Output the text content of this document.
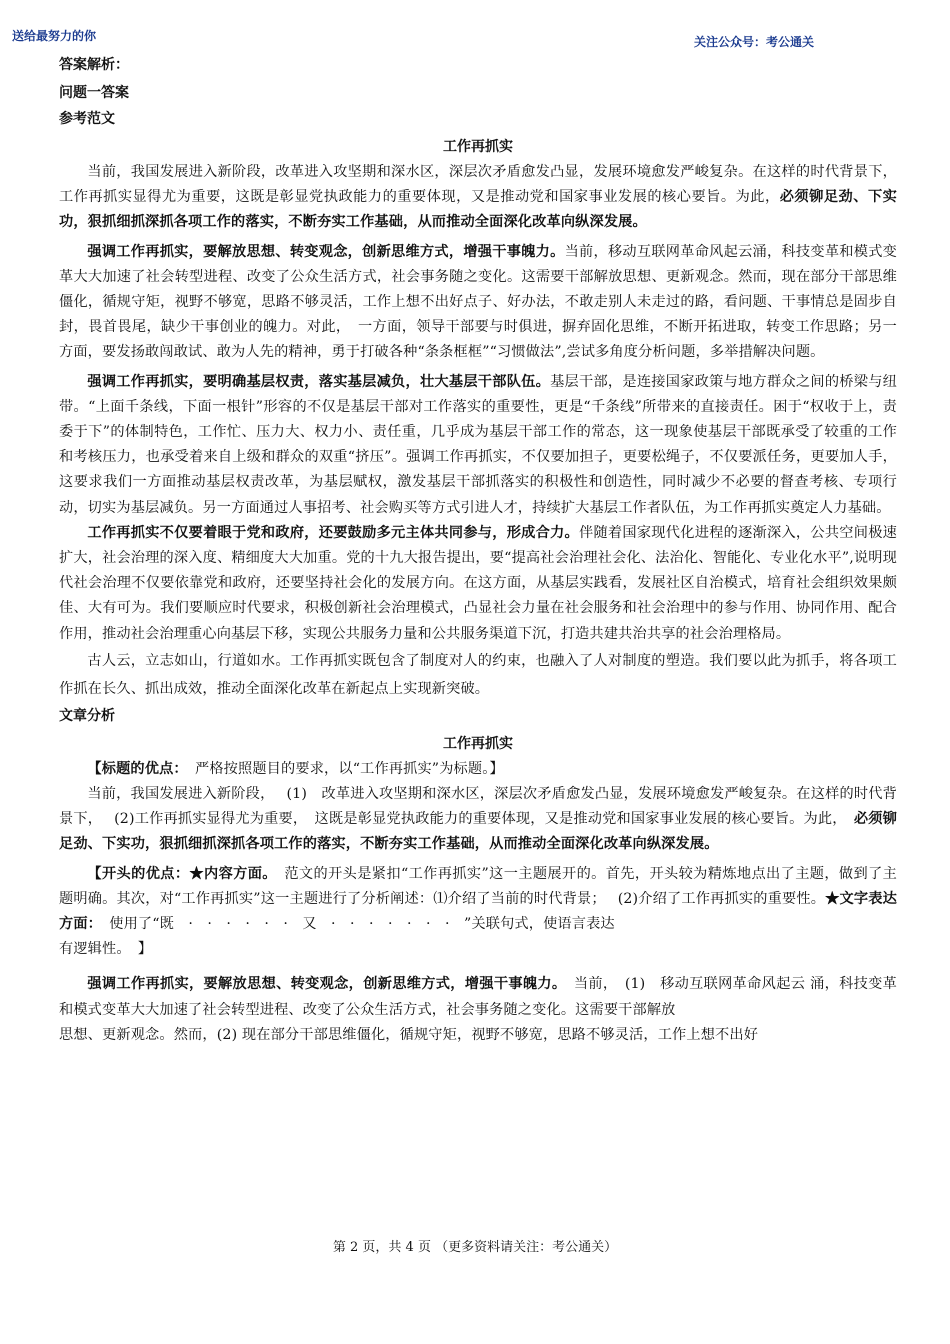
送给最努力的你	关注公众号：考公通关
答案解析：
问题一答案
参考范文
工作再抓实

当前，我国发展进入新阶段，改革进入攻坚期和深水区，深层次矛盾愈发凸显，发展环境愈发严峻复杂。在这样的时代背景下，工作再抓实显得尤为重要，这既是彰显党执政能力的重要体现，又是推动党和国家事业发展的核心要旨。为此，必须铆足劲、下实功，狠抓细抓深抓各项工作的落实，不断夯实工作基础，从而推动全面深化改革向纵深发展。

强调工作再抓实，要解放思想、转变观念，创新思维方式，增强干事魄力。当前，移动互联网革命风起云涌，科技变革和模式变革大大加速了社会转型进程、改变了公众生活方式，社会事务随之变化。这需要干部解放思想、更新观念。然而，现在部分干部思维僵化，循规守矩，视野不够宽，思路不够灵活，工作上想不出好点子、好办法，不敢走别人未走过的路，看问题、干事情总是固步自封，畏首畏尾，缺少干事创业的魄力。对此，　一方面，领导干部要与时俱进，摒弃固化思维，不断开拓进取，转变工作思路；另一方面，要发扬敢闯敢试、敢为人先的精神，勇于打破各种“条条框框”“习惯做法”,尝试多角度分析问题，多举措解决问题。

强调工作再抓实，要明确基层权责，落实基层减负，壮大基层干部队伍。基层干部，是连接国家政策与地方群众之间的桥梁与纽带。“上面千条线，下面一根针”形容的不仅是基层干部对工作落实的重要性，更是“千条线”所带来的直接责任。困于“权收于上，责委于下”的体制特色，工作忙、压力大、权力小、责任重，几乎成为基层干部工作的常态，这一现象使基层干部既承受了较重的工作和考核压力，也承受着来自上级和群众的双重“挤压”。强调工作再抓实，不仅要加担子，更要松绳子，不仅要派任务，更要加人手，这要求我们一方面推动基层权责改革，为基层赋权，激发基层干部抓落实的积极性和创造性，同时减少不必要的督查考核、专项行动，切实为基层减负。另一方面通过人事招考、社会购买等方式引进人才，持续扩大基层工作者队伍，为工作再抓实奠定人力基础。

工作再抓实不仅要着眼于党和政府，还要鼓励多元主体共同参与，形成合力。伴随着国家现代化进程的逐渐深入，公共空间极速扩大，社会治理的深入度、精细度大大加重。党的十九大报告提出，要“提高社会治理社会化、法治化、智能化、专业化水平”,说明现代社会治理不仅要依靠党和政府，还要坚持社会化的发展方向。在这方面，从基层实践看，发展社区自治模式，培育社会组织效果颇佳、大有可为。我们要顺应时代要求，积极创新社会治理模式，凸显社会力量在社会服务和社会治理中的参与作用、协同作用、配合作用，推动社会治理重心向基层下移，实现公共服务力量和公共服务渠道下沉，打造共建共治共享的社会治理格局。

古人云，立志如山，行道如水。工作再抓实既包含了制度对人的约束，也融入了人对制度的塑造。我们要以此为抓手，将各项工作抓在长久、抓出成效，推动全面深化改革在新起点上实现新突破。

文章分析
工作再抓实

【标题的优点：　严格按照题目的要求，以“工作再抓实”为标题。】

当前，我国发展进入新阶段，　 (1)　改革进入攻坚期和深水区，深层次矛盾愈发凸显，发展环境愈发严峻复杂。在这样的时代背景下，　 (2)工作再抓实显得尤为重要，　这既是彰显党执政能力的重要体现，又是推动党和国家事业发展的核心要旨。为此，　必须铆足劲、下实功，狠抓细抓深抓各项工作的落实，不断夯实工作基础，从而推动全面深化改革向纵深发展。

【开头的优点：★内容方面。　范文的开头是紧扣“工作再抓实”这一主题展开的。首先，开头较为精炼地点出了主题，做到了主题明确。其次，对“工作再抓实”这一主题进行了分析阐述：⑴介绍了当前的时代背景；　 (2)介绍了工作再抓实的重要性。★文字表达方面：　使用了“既　·　·　·　·　·　·　又　·　·　·　·　·　·　·　”关联句式，使语言表达

有逻辑性。　】

强调工作再抓实，要解放思想、转变观念，创新思维方式，增强干事魄力。　当前，　(1)　移动互联网革命风起云 涌，科技变革和模式变革大大加速了社会转型进程、改变了公众生活方式，社会事务随之变化。这需要干部解放

思想、更新观念。然而，(2) 现在部分干部思维僵化，循规守矩，视野不够宽，思路不够灵活，工作上想不出好

第 2 页，共 4 页 （更多资料请关注：考公通关）
